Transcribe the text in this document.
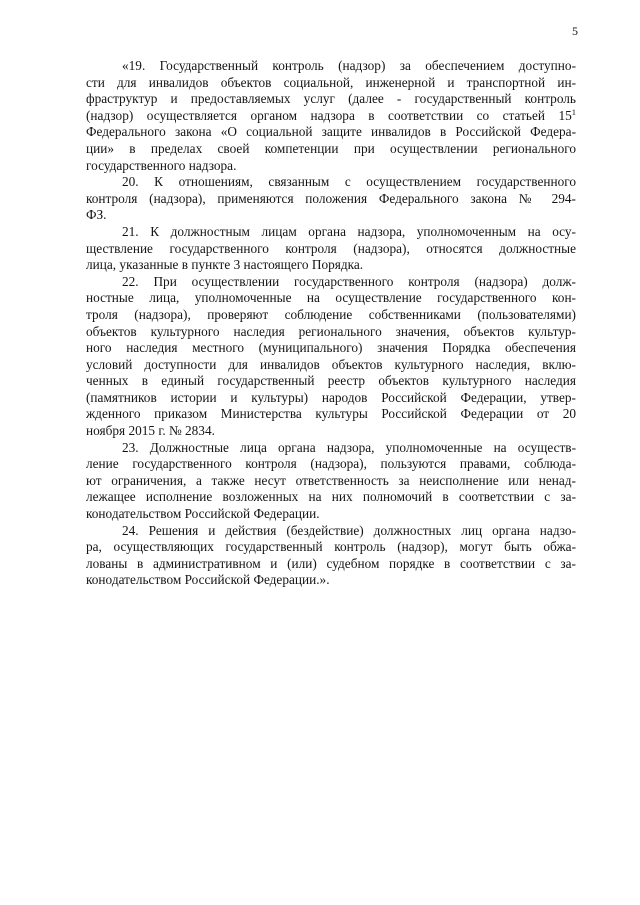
5
«19. Государственный контроль (надзор) за обеспечением доступно-
сти для инвалидов объектов социальной, инженерной и транспортной ин-
фраструктур и предоставляемых услуг (далее - государственный контроль
(надзор) осуществляется органом надзора в соответствии со статьей $15^1$
Федерального закона «О социальной защите инвалидов в Российской Федера-
ции» в пределах своей компетенции при осуществлении регионального
государственного надзора.
20. К отношениям, связанным с осуществлением государственного
контроля (надзора), применяются положения Федерального закона № 294-
ФЗ.
21. К должностным лицам органа надзора, уполномоченным на осу-
ществление государственного контроля (надзора), относятся должностные
лица, указанные в пункте 3 настоящего Порядка.
22. При осуществлении государственного контроля (надзора) долж-
ностные лица, уполномоченные на осуществление государственного кон-
троля (надзора), проверяют соблюдение собственниками (пользователями)
объектов культурного наследия регионального значения, объектов культур-
ного наследия местного (муниципального) значения Порядка обеспечения
условий доступности для инвалидов объектов культурного наследия, вклю-
ченных в единый государственный реестр объектов культурного наследия
(памятников истории и культуры) народов Российской Федерации, утвер-
жденного приказом Министерства культуры Российской Федерации от 20
ноября 2015 г. № 2834.
23. Должностные лица органа надзора, уполномоченные на осуществ-
ление государственного контроля (надзора), пользуются правами, соблюда-
ют ограничения, а также несут ответственность за неисполнение или ненад-
лежащее исполнение возложенных на них полномочий в соответствии с за-
конодательством Российской Федерации.
24. Решения и действия (бездействие) должностных лиц органа надзо-
ра, осуществляющих государственный контроль (надзор), могут быть обжа-
лованы в административном и (или) судебном порядке в соответствии с за-
конодательством Российской Федерации.».
